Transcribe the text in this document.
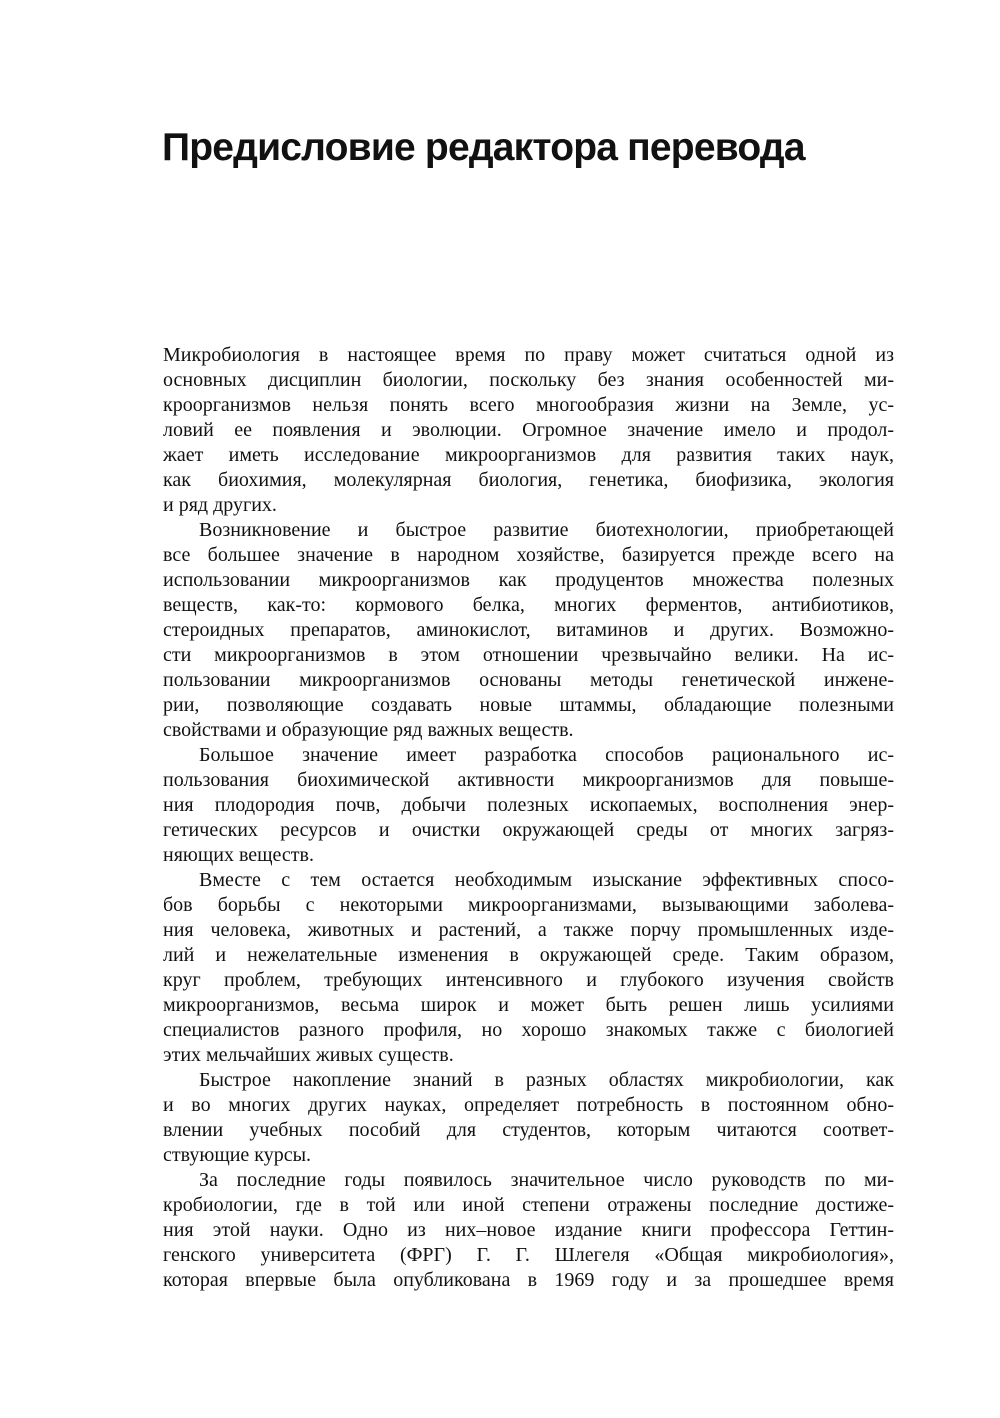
Предисловие редактора перевода
Микробиология в настоящее время по праву может считаться одной из
основных дисциплин биологии, поскольку без знания особенностей ми-
кроорганизмов нельзя понять всего многообразия жизни на Земле, ус-
ловий ее появления и эволюции. Огромное значение имело и продол-
жает иметь исследование микроорганизмов для развития таких наук,
как биохимия, молекулярная биология, генетика, биофизика, экология
и ряд других.
Возникновение и быстрое развитие биотехнологии, приобретающей
все большее значение в народном хозяйстве, базируется прежде всего на
использовании микроорганизмов как продуцентов множества полезных
веществ, как-то: кормового белка, многих ферментов, антибиотиков,
стероидных препаратов, аминокислот, витаминов и других. Возможно-
сти микроорганизмов в этом отношении чрезвычайно велики. На ис-
пользовании микроорганизмов основаны методы генетической инжене-
рии, позволяющие создавать новые штаммы, обладающие полезными
свойствами и образующие ряд важных веществ.
Большое значение имеет разработка способов рационального ис-
пользования биохимической активности микроорганизмов для повыше-
ния плодородия почв, добычи полезных ископаемых, восполнения энер-
гетических ресурсов и очистки окружающей среды от многих загряз-
няющих веществ.
Вместе с тем остается необходимым изыскание эффективных спосо-
бов борьбы с некоторыми микроорганизмами, вызывающими заболева-
ния человека, животных и растений, а также порчу промышленных изде-
лий и нежелательные изменения в окружающей среде. Таким образом,
круг проблем, требующих интенсивного и глубокого изучения свойств
микроорганизмов, весьма широк и может быть решен лишь усилиями
специалистов разного профиля, но хорошо знакомых также с биологией
этих мельчайших живых существ.
Быстрое накопление знаний в разных областях микробиологии, как
и во многих других науках, определяет потребность в постоянном обно-
влении учебных пособий для студентов, которым читаются соответ-
ствующие курсы.
За последние годы появилось значительное число руководств по ми-
кробиологии, где в той или иной степени отражены последние достиже-
ния этой науки. Одно из них–новое издание книги профессора Геттин-
генского университета (ФРГ) Г. Г. Шлегеля «Общая микробиология»,
которая впервые была опубликована в 1969 году и за прошедшее время
